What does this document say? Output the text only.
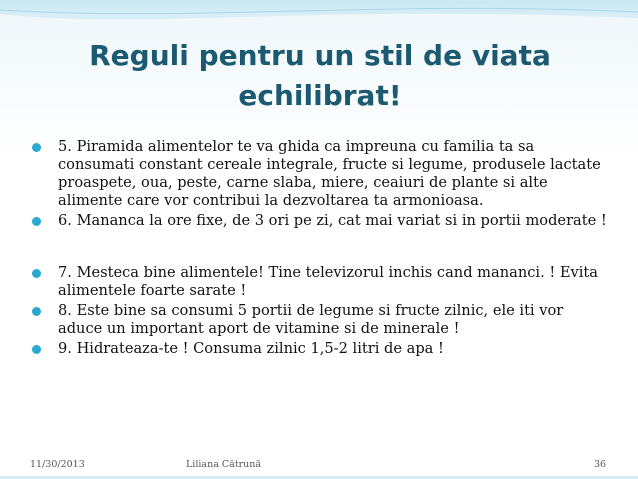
Reguli pentru un stil de viata
echilibrat!
5. Piramida alimentelor te va ghida ca impreuna cu familia ta sa consumati constant cereale integrale, fructe si legume, produsele lactate proaspete, oua, peste, carne slaba, miere, ceaiuri de plante si alte alimente care vor contribui la dezvoltarea ta armonioasa.
6. Mananca la ore fixe, de 3 ori pe zi, cat mai variat si in portii moderate !
7. Mesteca bine alimentele! Tine televizorul inchis cand mananci. ! Evita alimentele foarte sarate !
8. Este bine sa consumi 5 portii de legume si fructe zilnic, ele iti vor aduce un important aport de vitamine si de minerale !
9. Hidrateaza-te ! Consuma zilnic 1,5-2 litri de apa !
11/30/2013	Liliana Cătrună	36
